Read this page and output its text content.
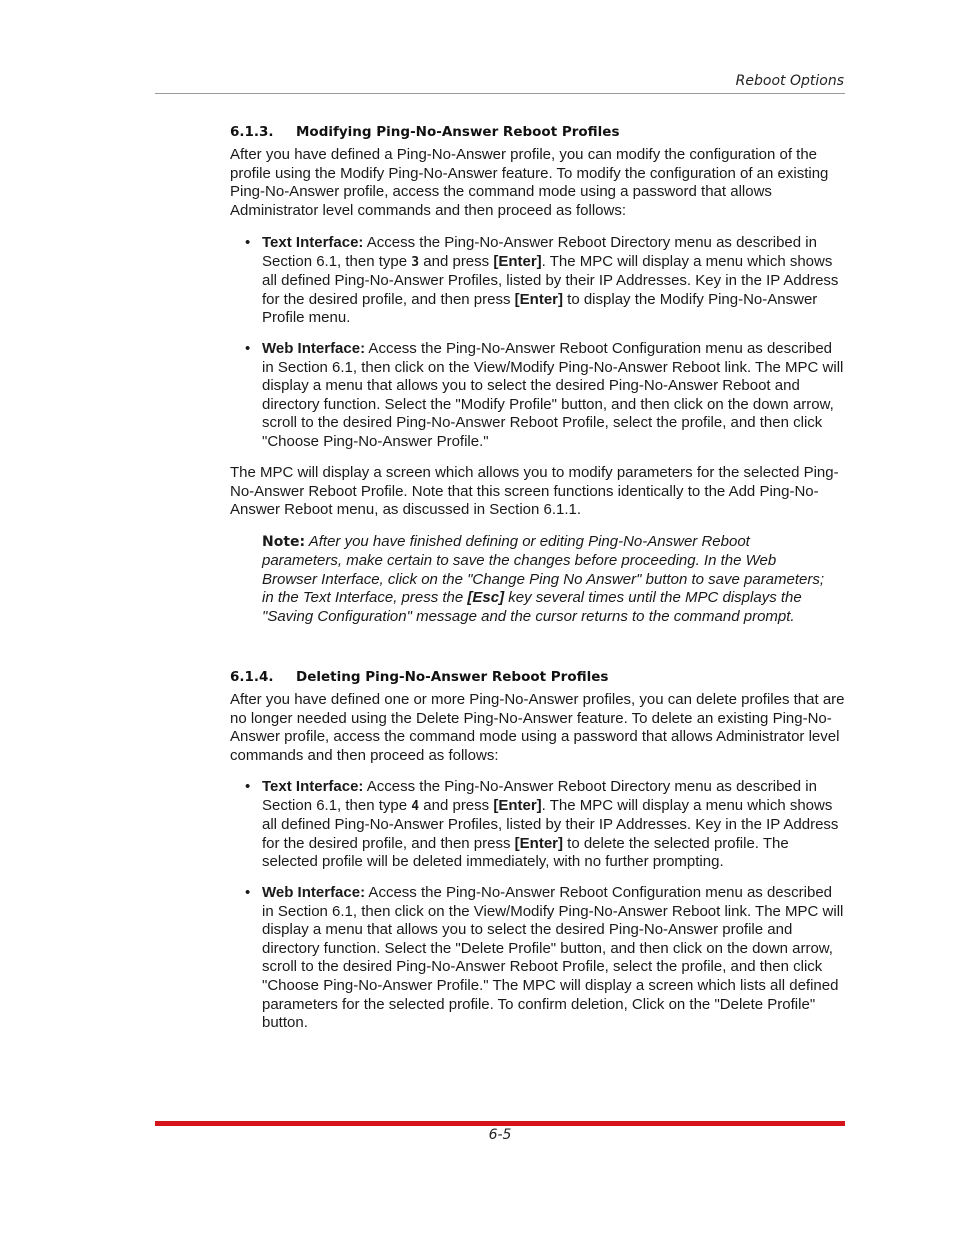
Reboot Options
6.1.3. Modifying Ping-No-Answer Reboot Profiles

After you have defined a Ping-No-Answer profile, you can modify the configuration of the profile using the Modify Ping-No-Answer feature. To modify the configuration of an existing Ping-No-Answer profile, access the command mode using a password that allows Administrator level commands and then proceed as follows:

• Text Interface: Access the Ping-No-Answer Reboot Directory menu as described in Section 6.1, then type 3 and press [Enter]. The MPC will display a menu which shows all defined Ping-No-Answer Profiles, listed by their IP Addresses. Key in the IP Address for the desired profile, and then press [Enter] to display the Modify Ping-No-Answer Profile menu.

• Web Interface: Access the Ping-No-Answer Reboot Configuration menu as described in Section 6.1, then click on the View/Modify Ping-No-Answer Reboot link. The MPC will display a menu that allows you to select the desired Ping-No-Answer Reboot and directory function. Select the "Modify Profile" button, and then click on the down arrow, scroll to the desired Ping-No-Answer Reboot Profile, select the profile, and then click "Choose Ping-No-Answer Profile."

The MPC will display a screen which allows you to modify parameters for the selected Ping-No-Answer Reboot Profile. Note that this screen functions identically to the Add Ping-No-Answer Reboot menu, as discussed in Section 6.1.1.

Note: After you have finished defining or editing Ping-No-Answer Reboot parameters, make certain to save the changes before proceeding. In the Web Browser Interface, click on the "Change Ping No Answer" button to save parameters; in the Text Interface, press the [Esc] key several times until the MPC displays the "Saving Configuration" message and the cursor returns to the command prompt.

6.1.4. Deleting Ping-No-Answer Reboot Profiles

After you have defined one or more Ping-No-Answer profiles, you can delete profiles that are no longer needed using the Delete Ping-No-Answer feature. To delete an existing Ping-No-Answer profile, access the command mode using a password that allows Administrator level commands and then proceed as follows:

• Text Interface: Access the Ping-No-Answer Reboot Directory menu as described in Section 6.1, then type 4 and press [Enter]. The MPC will display a menu which shows all defined Ping-No-Answer Profiles, listed by their IP Addresses. Key in the IP Address for the desired profile, and then press [Enter] to delete the selected profile. The selected profile will be deleted immediately, with no further prompting.

• Web Interface: Access the Ping-No-Answer Reboot Configuration menu as described in Section 6.1, then click on the View/Modify Ping-No-Answer Reboot link. The MPC will display a menu that allows you to select the desired Ping-No-Answer profile and directory function. Select the "Delete Profile" button, and then click on the down arrow, scroll to the desired Ping-No-Answer Reboot Profile, select the profile, and then click "Choose Ping-No-Answer Profile." The MPC will display a screen which lists all defined parameters for the selected profile. To confirm deletion, Click on the "Delete Profile" button.

6-5
